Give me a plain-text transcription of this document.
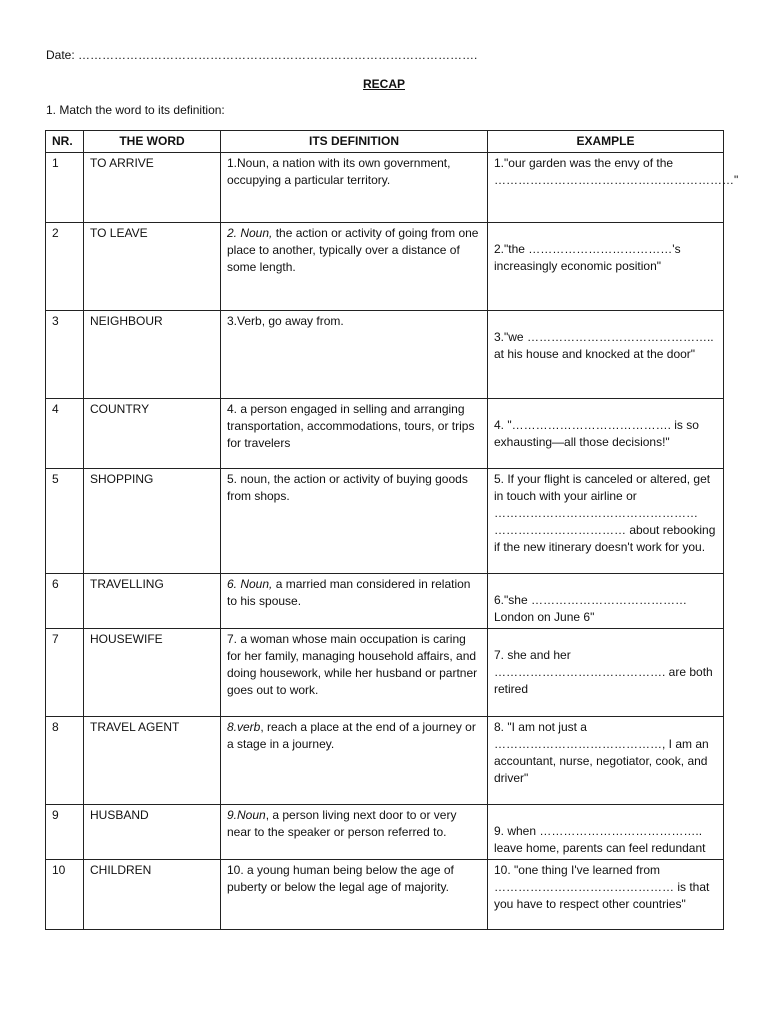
Date: ……………………………………………………………………………………….
RECAP
1. Match the word to its definition:
NR.	THE WORD	ITS DEFINITION	EXAMPLE
1	TO ARRIVE	1.Noun, a nation with its own government, occupying a particular territory.	1."our garden was the envy of the ……………………………………………………"
2	TO LEAVE	2. Noun, the action or activity of going from one place to another, typically over a distance of some length.	2."the ………………………………'s increasingly economic position"
3	NEIGHBOUR	3.Verb, go away from.	3."we ……………………………………….. at his house and knocked at the door"
4	COUNTRY	4. a person engaged in selling and arranging transportation, accommodations, tours, or trips for travelers	4. "…………………………………. is so exhausting—all those decisions!"
5	SHOPPING	5. noun, the action or activity of buying goods from shops.	5. If your flight is canceled or altered, get in touch with your airline or …………………………………………… …………………………… about rebooking if the new itinerary doesn't work for you.
6	TRAVELLING	6. Noun, a married man considered in relation to his spouse.	6."she ………………………………… London on June 6"
7	HOUSEWIFE	7. a woman whose main occupation is caring for her family, managing household affairs, and doing housework, while her husband or partner goes out to work.	7. she and her ……………………………………. are both retired
8	TRAVEL AGENT	8.verb, reach a place at the end of a journey or a stage in a journey.	8. "I am not just a ……………………………………, I am an accountant, nurse, negotiator, cook, and driver"
9	HUSBAND	9.Noun, a person living next door to or very near to the speaker or person referred to.	9. when ………………………………….. leave home, parents can feel redundant
10	CHILDREN	10. a young human being below the age of puberty or below the legal age of majority.	10. "one thing I've learned from ……………………………………… is that you have to respect other countries"
